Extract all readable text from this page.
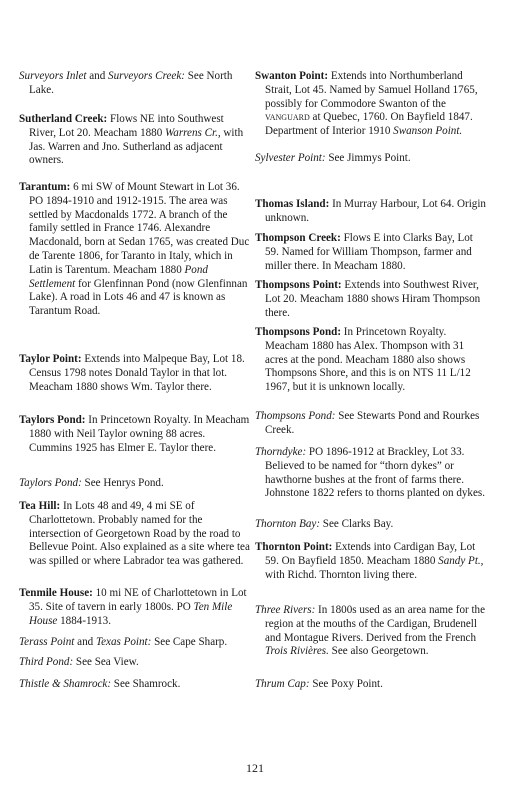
Surveyors Inlet and Surveyors Creek: See North Lake.

Sutherland Creek: Flows NE into Southwest River, Lot 20. Meacham 1880 Warrens Cr., with Jas. Warren and Jno. Sutherland as adjacent owners.

Tarantum: 6 mi SW of Mount Stewart in Lot 36. PO 1894-1910 and 1912-1915. The area was settled by Macdonalds 1772. A branch of the family settled in France 1746. Alexandre Macdonald, born at Sedan 1765, was created Duc de Tarente 1806, for Taranto in Italy, which in Latin is Tarentum. Meacham 1880 Pond Settlement for Glenfinnan Pond (now Glenfinnan Lake). A road in Lots 46 and 47 is known as Tarantum Road.

Taylor Point: Extends into Malpeque Bay, Lot 18. Census 1798 notes Donald Taylor in that lot. Meacham 1880 shows Wm. Taylor there.

Taylors Pond: In Princetown Royalty. In Meacham 1880 with Neil Taylor owning 88 acres. Cummins 1925 has Elmer E. Taylor there.

Taylors Pond: See Henrys Pond.

Tea Hill: In Lots 48 and 49, 4 mi SE of Charlottetown. Probably named for the intersection of Georgetown Road by the road to Bellevue Point. Also explained as a site where tea was spilled or where Labrador tea was gathered.

Tenmile House: 10 mi NE of Charlottetown in Lot 35. Site of tavern in early 1800s. PO Ten Mile House 1884-1913.

Terass Point and Texas Point: See Cape Sharp.

Third Pond: See Sea View.

Thistle & Shamrock: See Shamrock.

Swanton Point: Extends into Northumberland Strait, Lot 45. Named by Samuel Holland 1765, possibly for Commodore Swanton of the vanguard at Quebec, 1760. On Bayfield 1847. Department of Interior 1910 Swanson Point.

Sylvester Point: See Jimmys Point.

Thomas Island: In Murray Harbour, Lot 64. Origin unknown.

Thompson Creek: Flows E into Clarks Bay, Lot 59. Named for William Thompson, farmer and miller there. In Meacham 1880.

Thompsons Point: Extends into Southwest River, Lot 20. Meacham 1880 shows Hiram Thompson there.

Thompsons Pond: In Princetown Royalty. Meacham 1880 has Alex. Thompson with 31 acres at the pond. Meacham 1880 also shows Thompsons Shore, and this is on NTS 11 L/12 1967, but it is unknown locally.

Thompsons Pond: See Stewarts Pond and Rourkes Creek.

Thorndyke: PO 1896-1912 at Brackley, Lot 33. Believed to be named for “thorn dykes” or hawthorne bushes at the front of farms there. Johnstone 1822 refers to thorns planted on dykes.

Thornton Bay: See Clarks Bay.

Thornton Point: Extends into Cardigan Bay, Lot 59. On Bayfield 1850. Meacham 1880 Sandy Pt., with Richd. Thornton living there.

Three Rivers: In 1800s used as an area name for the region at the mouths of the Cardigan, Brudenell and Montague Rivers. Derived from the French Trois Rivières. See also Georgetown.

Thrum Cap: See Poxy Point.

121
